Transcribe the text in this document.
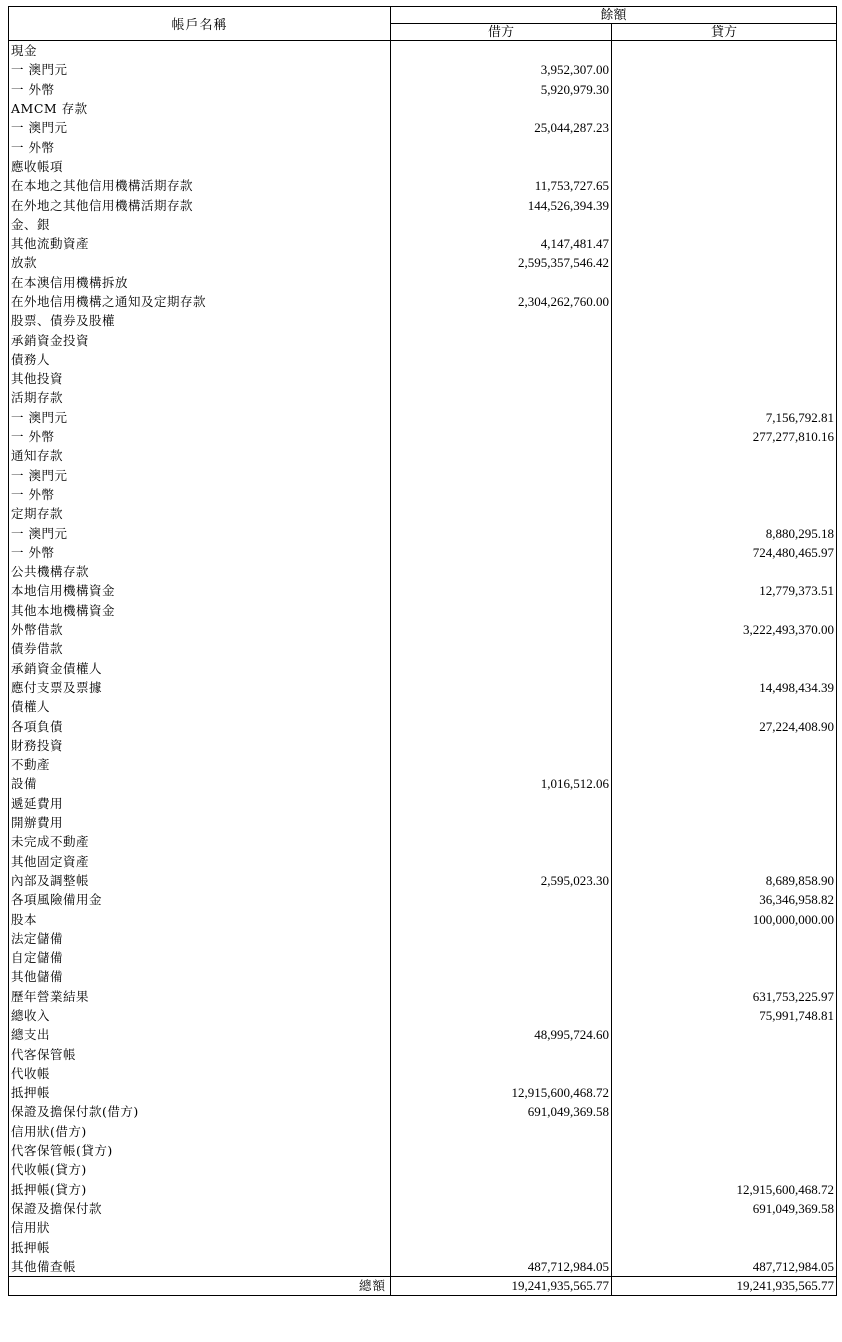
帳戶名稱	餘額	
	借方	貸方
現金		
一 澳門元	3,952,307.00	
一 外幣	5,920,979.30	
AMCM 存款		
一 澳門元	25,044,287.23	
一 外幣		
應收帳項		
在本地之其他信用機構活期存款	11,753,727.65	
在外地之其他信用機構活期存款	144,526,394.39	
金、銀		
其他流動資產	4,147,481.47	
放款	2,595,357,546.42	
在本澳信用機構拆放		
在外地信用機構之通知及定期存款	2,304,262,760.00	
股票、債券及股權		
承銷資金投資		
債務人		
其他投資		
活期存款		
一 澳門元		7,156,792.81
一 外幣		277,277,810.16
通知存款		
一 澳門元		
一 外幣		
定期存款		
一 澳門元		8,880,295.18
一 外幣		724,480,465.97
公共機構存款		
本地信用機構資金		12,779,373.51
其他本地機構資金		
外幣借款		3,222,493,370.00
債券借款		
承銷資金債權人		
應付支票及票據		14,498,434.39
債權人		
各項負債		27,224,408.90
財務投資		
不動產		
設備	1,016,512.06	
遞延費用		
開辦費用		
未完成不動產		
其他固定資產		
內部及調整帳	2,595,023.30	8,689,858.90
各項風險備用金		36,346,958.82
股本		100,000,000.00
法定儲備		
自定儲備		
其他儲備		
歷年營業結果		631,753,225.97
總收入		75,991,748.81
總支出	48,995,724.60	
代客保管帳		
代收帳		
抵押帳	12,915,600,468.72	
保證及擔保付款(借方)	691,049,369.58	
信用狀(借方)		
代客保管帳(貸方)		
代收帳(貸方)		
抵押帳(貸方)		12,915,600,468.72
保證及擔保付款		691,049,369.58
信用狀		
抵押帳		
其他備查帳	487,712,984.05	487,712,984.05
總額	19,241,935,565.77	19,241,935,565.77
